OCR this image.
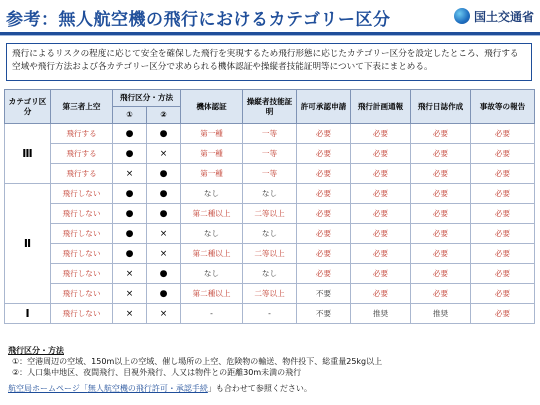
参考：無人航空機の飛行におけるカテゴリー区分	国土交通省
飛行によるリスクの程度に応じて安全を確保した飛行を実現するため飛行形態に応じたカテゴリー区分を設定したところ、飛行する空域や飛行方法および各カテゴリー区分で求められる機体認証や操縦者技能証明等について下表にまとめる。
カテゴリ区分	第三者上空	飛行区分・方法		機体認証	操縦者技能証明	許可承認申請	飛行計画通報	飛行日誌作成	事故等の報告
		①	②						
Ⅲ	飛行する	●	●	第一種	一等	必要	必要	必要	必要
	飛行する	●	×	第一種	一等	必要	必要	必要	必要
	飛行する	×	●	第一種	一等	必要	必要	必要	必要
Ⅱ	飛行しない	●	●	なし	なし	必要	必要	必要	必要
	飛行しない	●	●	第二種以上	二等以上	必要	必要	必要	必要
	飛行しない	●	×	なし	なし	必要	必要	必要	必要
	飛行しない	●	×	第二種以上	二等以上	必要	必要	必要	必要
	飛行しない	×	●	なし	なし	必要	必要	必要	必要
	飛行しない	×	●	第二種以上	二等以上	不要	必要	必要	必要
Ⅰ	飛行しない	×	×	-	-	不要	推奨	推奨	必要
飛行区分・方法
①：空港周辺の空域、150m以上の空域、催し場所の上空、危険物の輸送、物件投下、総重量25kg以上
②：人口集中地区、夜間飛行、目視外飛行、人又は物件との距離30m未満の飛行
航空局ホームページ「無人航空機の飛行許可・承認手続」も合わせて参照ください。
